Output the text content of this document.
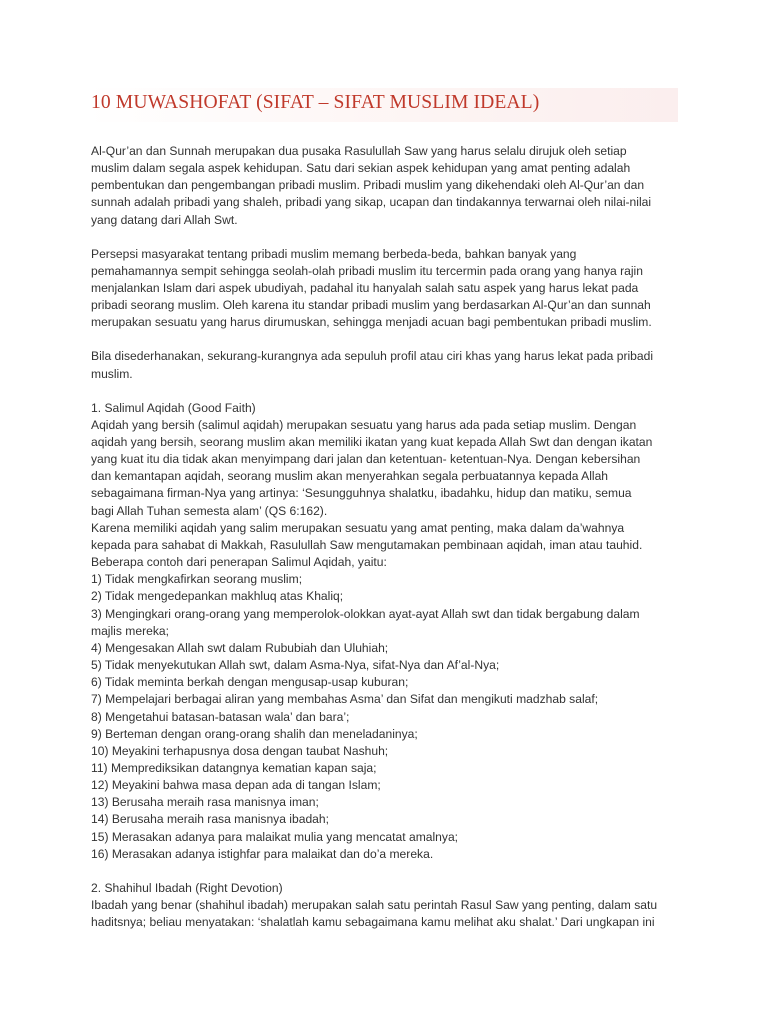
10 MUWASHOFAT (SIFAT – SIFAT MUSLIM IDEAL)
Al-Qur’an dan Sunnah merupakan dua pusaka Rasulullah Saw yang harus selalu dirujuk oleh setiap
muslim dalam segala aspek kehidupan. Satu dari sekian aspek kehidupan yang amat penting adalah
pembentukan dan pengembangan pribadi muslim. Pribadi muslim yang dikehendaki oleh Al-Qur’an dan
sunnah adalah pribadi yang shaleh, pribadi yang sikap, ucapan dan tindakannya terwarnai oleh nilai-nilai
yang datang dari Allah Swt.
Persepsi masyarakat tentang pribadi muslim memang berbeda-beda, bahkan banyak yang
pemahamannya sempit sehingga seolah-olah pribadi muslim itu tercermin pada orang yang hanya rajin
menjalankan Islam dari aspek ubudiyah, padahal itu hanyalah salah satu aspek yang harus lekat pada
pribadi seorang muslim. Oleh karena itu standar pribadi muslim yang berdasarkan Al-Qur’an dan sunnah
merupakan sesuatu yang harus dirumuskan, sehingga menjadi acuan bagi pembentukan pribadi muslim.
Bila disederhanakan, sekurang-kurangnya ada sepuluh profil atau ciri khas yang harus lekat pada pribadi
muslim.
1. Salimul Aqidah (Good Faith)
Aqidah yang bersih (salimul aqidah) merupakan sesuatu yang harus ada pada setiap muslim. Dengan
aqidah yang bersih, seorang muslim akan memiliki ikatan yang kuat kepada Allah Swt dan dengan ikatan
yang kuat itu dia tidak akan menyimpang dari jalan dan ketentuan- ketentuan-Nya. Dengan kebersihan
dan kemantapan aqidah, seorang muslim akan menyerahkan segala perbuatannya kepada Allah
sebagaimana firman-Nya yang artinya: ‘Sesungguhnya shalatku, ibadahku, hidup dan matiku, semua
bagi Allah Tuhan semesta alam’ (QS 6:162).
Karena memiliki aqidah yang salim merupakan sesuatu yang amat penting, maka dalam da’wahnya
kepada para sahabat di Makkah, Rasulullah Saw mengutamakan pembinaan aqidah, iman atau tauhid.
Beberapa contoh dari penerapan Salimul Aqidah, yaitu:
1) Tidak mengkafirkan seorang muslim;
2) Tidak mengedepankan makhluq atas Khaliq;
3) Mengingkari orang-orang yang memperolok-olokkan ayat-ayat Allah swt dan tidak bergabung dalam
majlis mereka;
4) Mengesakan Allah swt dalam Rububiah dan Uluhiah;
5) Tidak menyekutukan Allah swt, dalam Asma-Nya, sifat-Nya dan Af’al-Nya;
6) Tidak meminta berkah dengan mengusap-usap kuburan;
7) Mempelajari berbagai aliran yang membahas Asma’ dan Sifat dan mengikuti madzhab salaf;
8) Mengetahui batasan-batasan wala’ dan bara’;
9) Berteman dengan orang-orang shalih dan meneladaninya;
10) Meyakini terhapusnya dosa dengan taubat Nashuh;
11) Memprediksikan datangnya kematian kapan saja;
12) Meyakini bahwa masa depan ada di tangan Islam;
13) Berusaha meraih rasa manisnya iman;
14) Berusaha meraih rasa manisnya ibadah;
15) Merasakan adanya para malaikat mulia yang mencatat amalnya;
16) Merasakan adanya istighfar para malaikat dan do’a mereka.
2. Shahihul Ibadah (Right Devotion)
Ibadah yang benar (shahihul ibadah) merupakan salah satu perintah Rasul Saw yang penting, dalam satu
haditsnya; beliau menyatakan: ‘shalatlah kamu sebagaimana kamu melihat aku shalat.’ Dari ungkapan ini
